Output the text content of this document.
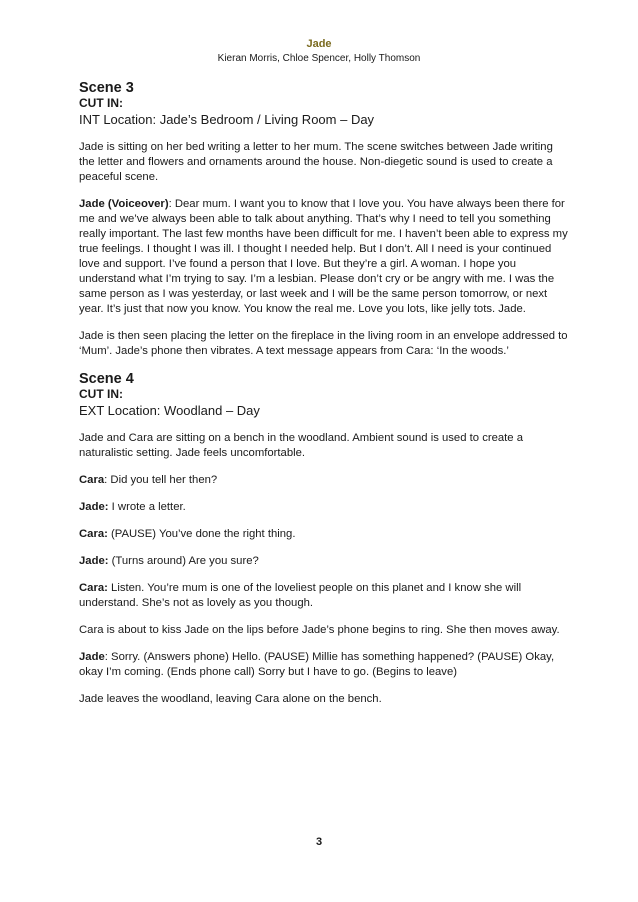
Jade
Kieran Morris, Chloe Spencer, Holly Thomson
Scene 3
CUT IN:
INT Location: Jade’s Bedroom / Living Room – Day

Jade is sitting on her bed writing a letter to her mum. The scene switches between Jade writing the letter and flowers and ornaments around the house. Non-diegetic sound is used to create a peaceful scene.

Jade (Voiceover): Dear mum. I want you to know that I love you. You have always been there for me and we’ve always been able to talk about anything. That’s why I need to tell you something really important. The last few months have been difficult for me. I haven’t been able to express my true feelings. I thought I was ill. I thought I needed help. But I don’t. All I need is your continued love and support. I’ve found a person that I love. But they’re a girl. A woman. I hope you understand what I’m trying to say. I’m a lesbian. Please don’t cry or be angry with me. I was the same person as I was yesterday, or last week and I will be the same person tomorrow, or next year. It’s just that now you know. You know the real me. Love you lots, like jelly tots. Jade.

Jade is then seen placing the letter on the fireplace in the living room in an envelope addressed to ‘Mum’. Jade’s phone then vibrates. A text message appears from Cara: ‘In the woods.’

Scene 4
CUT IN:
EXT Location: Woodland – Day

Jade and Cara are sitting on a bench in the woodland. Ambient sound is used to create a naturalistic setting. Jade feels uncomfortable.

Cara: Did you tell her then?

Jade: I wrote a letter.

Cara: (PAUSE) You’ve done the right thing.

Jade: (Turns around) Are you sure?

Cara: Listen. You’re mum is one of the loveliest people on this planet and I know she will understand. She’s not as lovely as you though.

Cara is about to kiss Jade on the lips before Jade’s phone begins to ring. She then moves away.

Jade: Sorry. (Answers phone) Hello. (PAUSE) Millie has something happened? (PAUSE) Okay, okay I’m coming. (Ends phone call) Sorry but I have to go. (Begins to leave)

Jade leaves the woodland, leaving Cara alone on the bench.

3
